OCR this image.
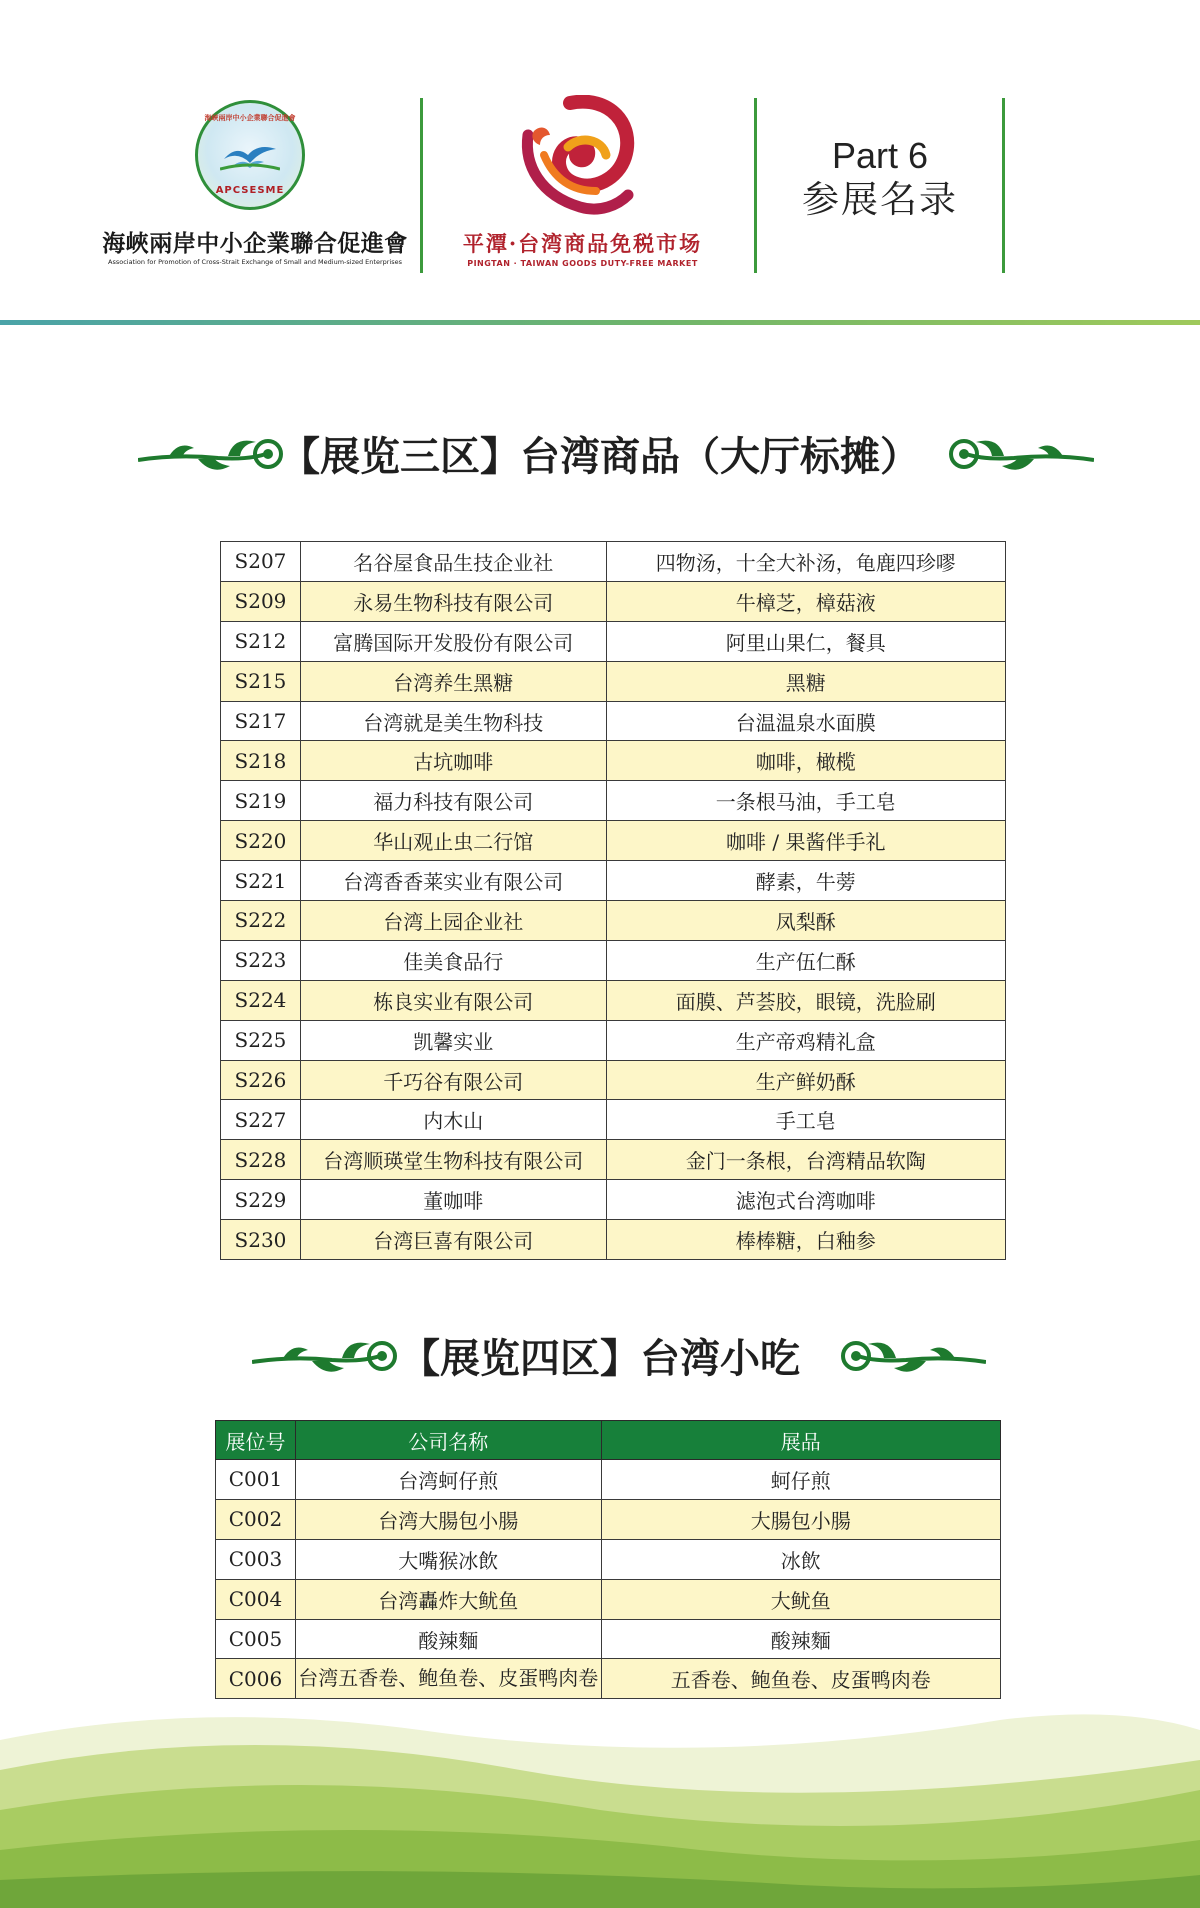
海峽兩岸中小企業聯合促進會
APCSESME
海峽兩岸中小企業聯合促進會
Association for Promotion of Cross-Strait Exchange of Small and Medium-sized Enterprises
平潭·台湾商品免税市场
PINGTAN · TAIWAN GOODS DUTY-FREE MARKET
Part 6
参展名录
【展览三区】台湾商品（大厅标摊）
S207	名谷屋食品生技企业社	四物汤，十全大补汤，龟鹿四珍嘐
S209	永易生物科技有限公司	牛樟芝，樟菇液
S212	富腾国际开发股份有限公司	阿里山果仁，餐具
S215	台湾养生黑糖	黑糖
S217	台湾就是美生物科技	台温温泉水面膜
S218	古坑咖啡	咖啡，橄榄
S219	福力科技有限公司	一条根马油，手工皂
S220	华山观止虫二行馆	咖啡 / 果酱伴手礼
S221	台湾香香莱实业有限公司	酵素，牛蒡
S222	台湾上园企业社	凤梨酥
S223	佳美食品行	生产伍仁酥
S224	栋良实业有限公司	面膜、芦荟胶，眼镜，洗脸刷
S225	凯馨实业	生产帝鸡精礼盒
S226	千巧谷有限公司	生产鲜奶酥
S227	内木山	手工皂
S228	台湾顺瑛堂生物科技有限公司	金门一条根，台湾精品软陶
S229	董咖啡	滤泡式台湾咖啡
S230	台湾巨喜有限公司	棒棒糖，白釉参
【展览四区】台湾小吃
展位号	公司名称	展品
C001	台湾蚵仔煎	蚵仔煎
C002	台湾大腸包小腸	大腸包小腸
C003	大嘴猴冰飲	冰飲
C004	台湾轟炸大鱿鱼	大鱿鱼
C005	酸辣麵	酸辣麵
C006	台湾五香卷、鲍鱼卷、皮蛋鸭肉卷	五香卷、鲍鱼卷、皮蛋鸭肉卷
